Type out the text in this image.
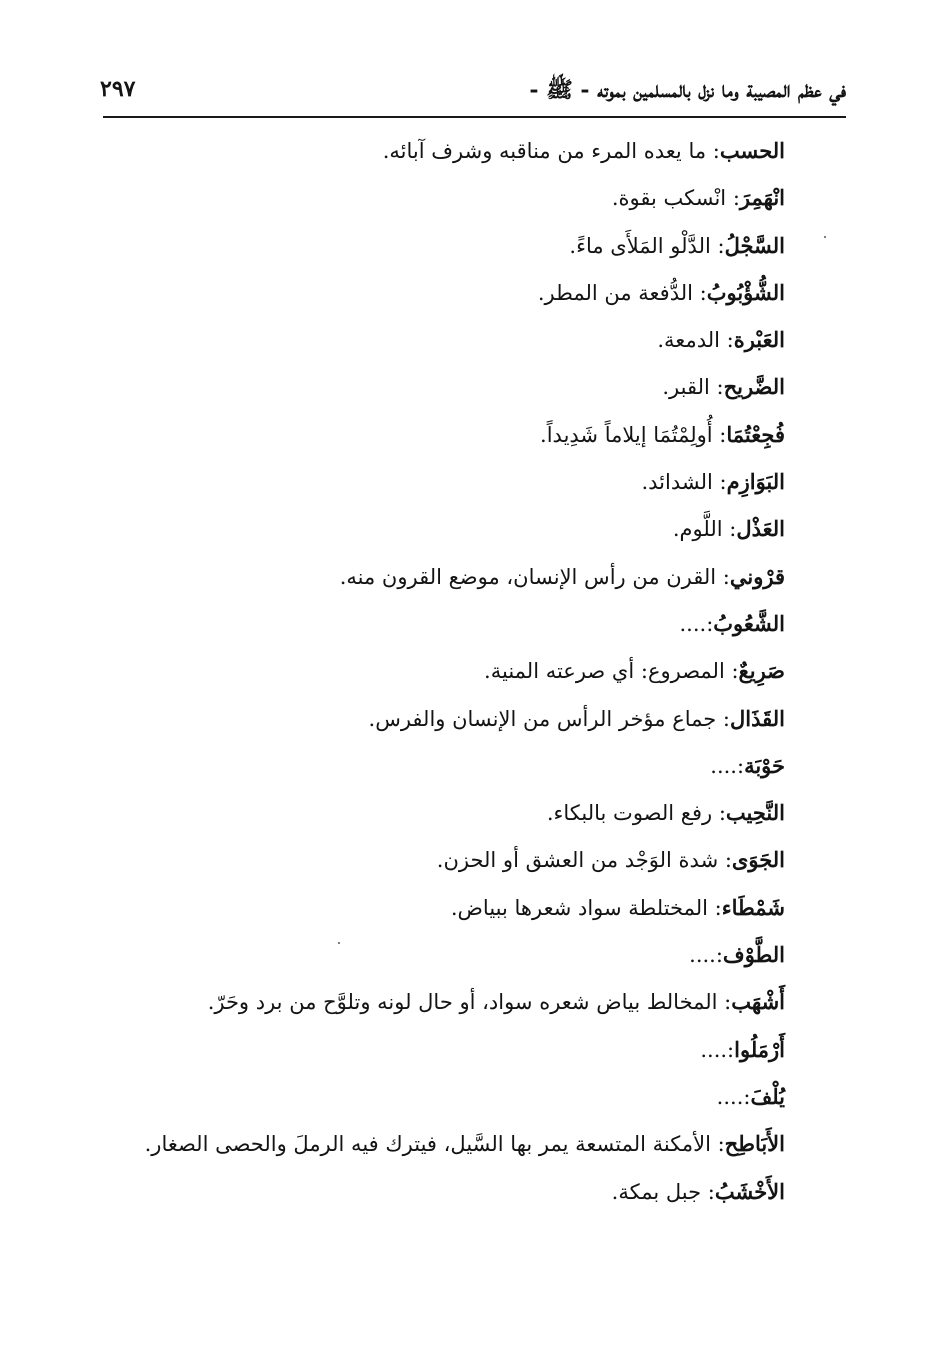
في عظم المصيبة وما نزل بالمسلمين بموته - ﷺ -
٢٩٧
الحسب: ما يعده المرء من مناقبه وشرف آبائه.
انْهَمِرَ: انْسكب بقوة.
السَّجْلُ: الدَّلْو المَلأَى ماءً.
الشُّؤْبُوبُ: الدُّفعة من المطر.
العَبْرة: الدمعة.
الضَّريح: القبر.
فُجِعْتُمَا: أُولِمْتُمَا إيلاماً شَدِيداً.
البَوَازِم: الشدائد.
العَذْل: اللَّوم.
قرْوني: القرن من رأس الإنسان، موضع القرون منه.
الشَّعُوبُ:....
صَرِيعٌ: المصروع: أي صرعته المنية.
القَذَال: جماع مؤخر الرأس من الإنسان والفرس.
حَوْبَة:....
النَّحِيب: رفع الصوت بالبكاء.
الجَوَى: شدة الوَجْد من العشق أو الحزن.
شَمْطَاء: المختلطة سواد شعرها ببياض.
الطَّوْف:....
أَشْهَب: المخالط بياض شعره سواد، أو حال لونه وتلوَّح من برد وحَرّ.
أَرْمَلُوا:....
يُلْفَ:....
الأَبَاطِح: الأمكنة المتسعة يمر بها السَّيل، فيترك فيه الرملَ والحصى الصغار.
الأَخْشَبُ: جبل بمكة.
